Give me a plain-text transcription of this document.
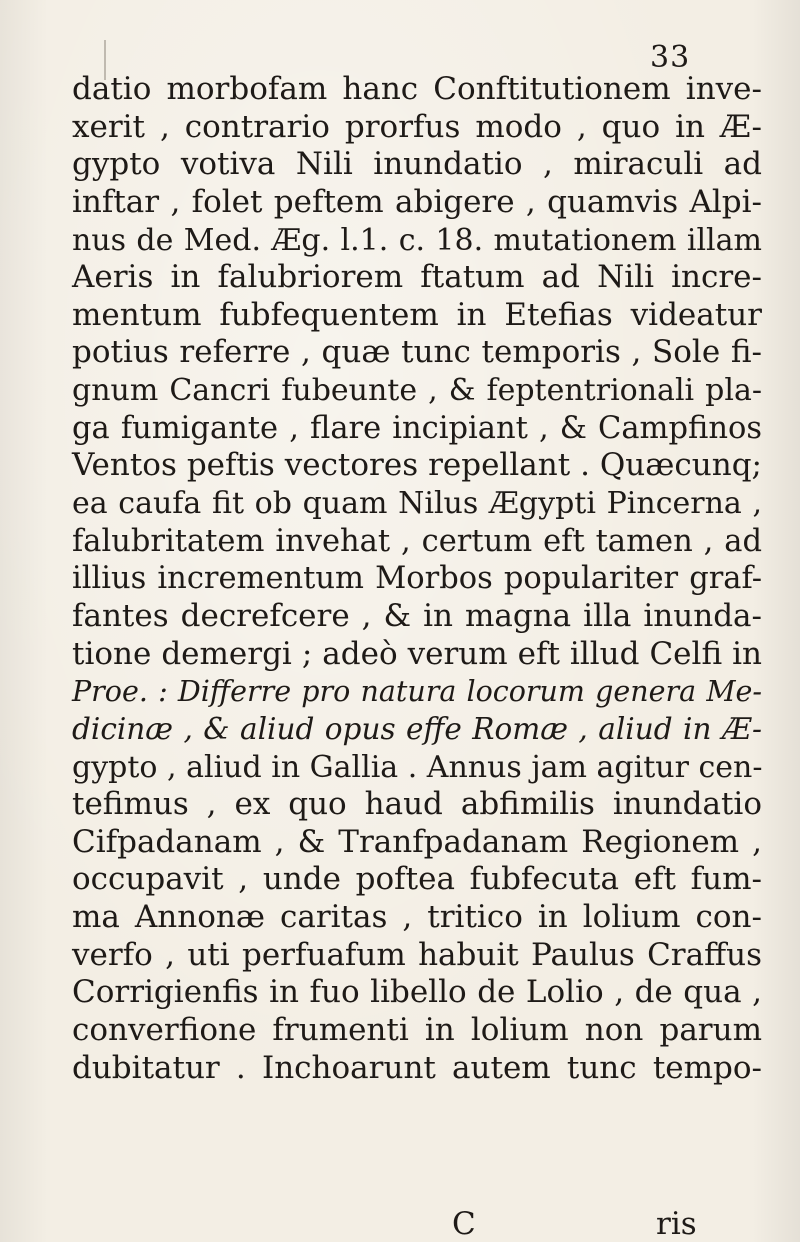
33
datio morbofam hanc Conftitutionem inve-
xerit , contrario prorfus modo , quo in Æ-
gypto votiva Nili inundatio , miraculi ad
inftar , folet peftem abigere , quamvis Alpi-
nus de Med. Æg. l.1. c. 18. mutationem illam
Aeris in falubriorem ftatum ad Nili incre-
mentum fubfequentem in Etefias videatur
potius referre , quæ tunc temporis , Sole fi-
gnum Cancri fubeunte , & feptentrionali pla-
ga fumigante , flare incipiant , & Campfinos
Ventos peftis vectores repellant . Quæcunq;
ea caufa fit ob quam Nilus Ægypti Pincerna ,
falubritatem invehat , certum eft tamen , ad
illius incrementum Morbos populariter graf-
fantes decrefcere , & in magna illa inunda-
tione demergi ; adeò verum eft illud Celfi in
Proe. : Differre pro natura locorum genera Me-
dicinæ , & aliud opus effe Romæ , aliud in Æ-
gypto , aliud in Gallia . Annus jam agitur cen-
tefimus , ex quo haud abfimilis inundatio
Cifpadanam , & Tranfpadanam Regionem ,
occupavit , unde poftea fubfecuta eft fum-
ma Annonæ caritas , tritico in lolium con-
verfo , uti perfuafum habuit Paulus Craffus
Corrigienfis in fuo libello de Lolio , de qua ,
converfione frumenti in lolium non parum
dubitatur . Inchoarunt autem tunc tempo-
C	ris
